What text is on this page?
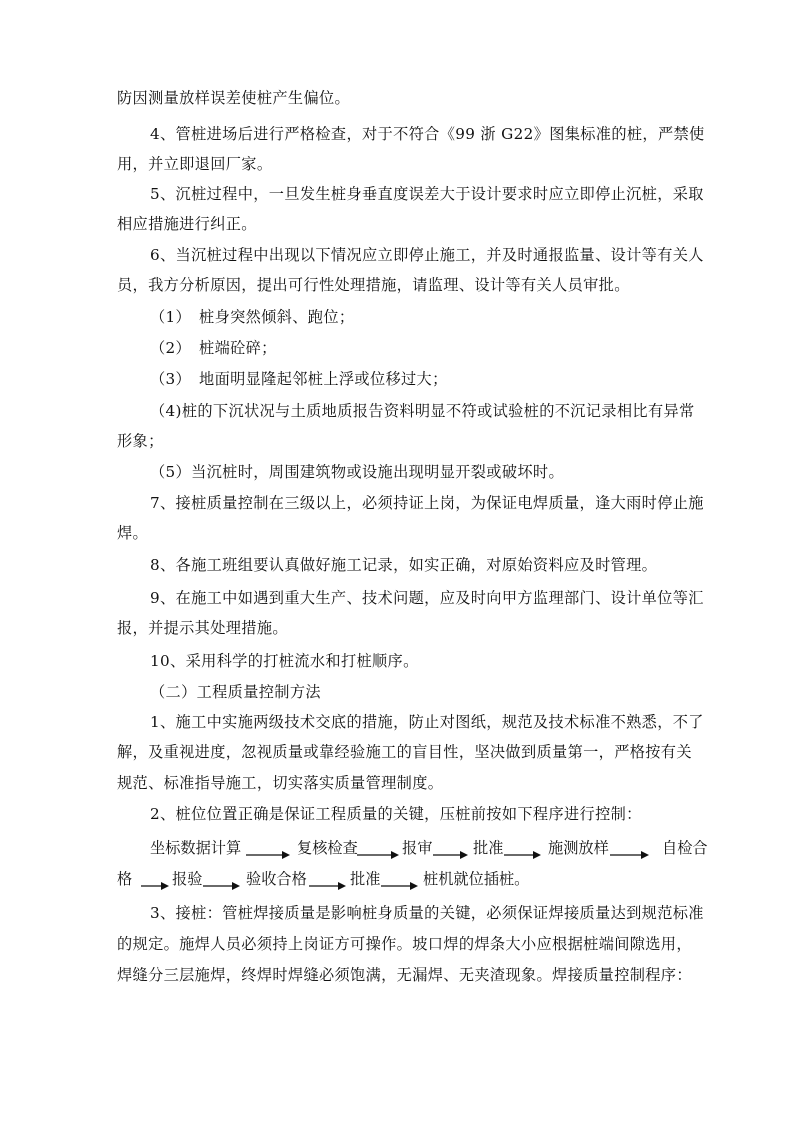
防因测量放样误差使桩产生偏位。
4、管桩进场后进行严格检查，对于不符合《99 浙 G22》图集标准的桩，严禁使
用，并立即退回厂家。
5、沉桩过程中，一旦发生桩身垂直度误差大于设计要求时应立即停止沉桩，采取
相应措施进行纠正。
6、当沉桩过程中出现以下情况应立即停止施工，并及时通报监量、设计等有关人
员，我方分析原因，提出可行性处理措施，请监理、设计等有关人员审批。
（1）　桩身突然倾斜、跑位；
（2）　桩端砼碎；
（3）　地面明显隆起邻桩上浮或位移过大；
（4)桩的下沉状况与土质地质报告资料明显不符或试验桩的不沉记录相比有异常
形象；
（5）当沉桩时，周围建筑物或设施出现明显开裂或破坏时。
7、接桩质量控制在三级以上，必须持证上岗，为保证电焊质量，逢大雨时停止施
焊。
8、各施工班组要认真做好施工记录，如实正确，对原始资料应及时管理。
9、在施工中如遇到重大生产、技术问题，应及时向甲方监理部门、设计单位等汇
报，并提示其处理措施。
10、采用科学的打桩流水和打桩顺序。
（二）工程质量控制方法
1、施工中实施两级技术交底的措施，防止对图纸，规范及技术标准不熟悉，不了
解，及重视进度，忽视质量或靠经验施工的盲目性，坚决做到质量第一，严格按有关
规范、标准指导施工，切实落实质量管理制度。
2、桩位位置正确是保证工程质量的关键，压桩前按如下程序进行控制：
坐标数据计算	复核检查	报审	批准	施测放样	自检合
格	报验	验收合格	批准	桩机就位插桩。
3、接桩：管桩焊接质量是影响桩身质量的关键，必须保证焊接质量达到规范标准
的规定。施焊人员必须持上岗证方可操作。坡口焊的焊条大小应根据桩端间隙选用，
焊缝分三层施焊，终焊时焊缝必须饱满，无漏焊、无夹渣现象。焊接质量控制程序：
